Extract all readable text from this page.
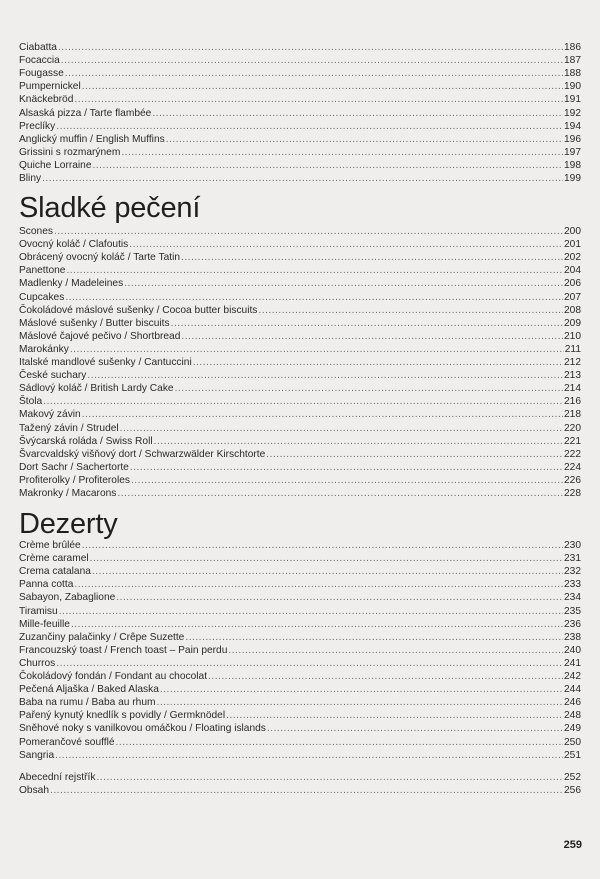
Ciabatta .....	186
Focaccia .....	187
Fougasse .....	188
Pumpernickel .....	190
Knäckebröd .....	191
Alsaská pizza / Tarte flambée .....	192
Preclíky .....	194
Anglický muffin / English Muffins .....	196
Grissini s rozmarýnem .....	197
Quiche Lorraine .....	198
Bliny .....	199
Sladké pečení
Scones .....	200
Ovocný koláč / Clafoutis .....	201
Obrácený ovocný koláč / Tarte Tatin .....	202
Panettone .....	204
Madlenky / Madeleines .....	206
Cupcakes .....	207
Čokoládové máslové sušenky / Cocoa butter biscuits .....	208
Máslové sušenky / Butter biscuits .....	209
Máslové čajové pečivo / Shortbread .....	210
Marokánky .....	211
Italské mandlové sušenky / Cantuccini .....	212
České suchary .....	213
Sádlový koláč / British Lardy Cake .....	214
Štola .....	216
Makový závin .....	218
Tažený závin / Strudel .....	220
Švýcarská roláda / Swiss Roll .....	221
Švarcvaldský višňový dort / Schwarzwälder Kirschtorte .....	222
Dort Sachr / Sachertorte .....	224
Profiterolky / Profiteroles .....	226
Makronky / Macarons .....	228
Dezerty
Crème brûlée .....	230
Crème caramel .....	231
Crema catalana .....	232
Panna cotta .....	233
Sabayon, Zabaglione .....	234
Tiramisu .....	235
Mille-feuille .....	236
Zuzančiny palačinky / Crêpe Suzette .....	238
Francouzský toast / French toast – Pain perdu .....	240
Churros .....	241
Čokoládový fondán / Fondant au chocolat .....	242
Pečená Aljaška / Baked Alaska .....	244
Baba na rumu / Baba au rhum .....	246
Pařený kynutý knedlík s povidly / Germknödel .....	248
Sněhové noky s vanilkovou omáčkou / Floating islands .....	249
Pomerančové soufflé .....	250
Sangria .....	251
Abecední rejstřík .....	252
Obsah .....	256
259
